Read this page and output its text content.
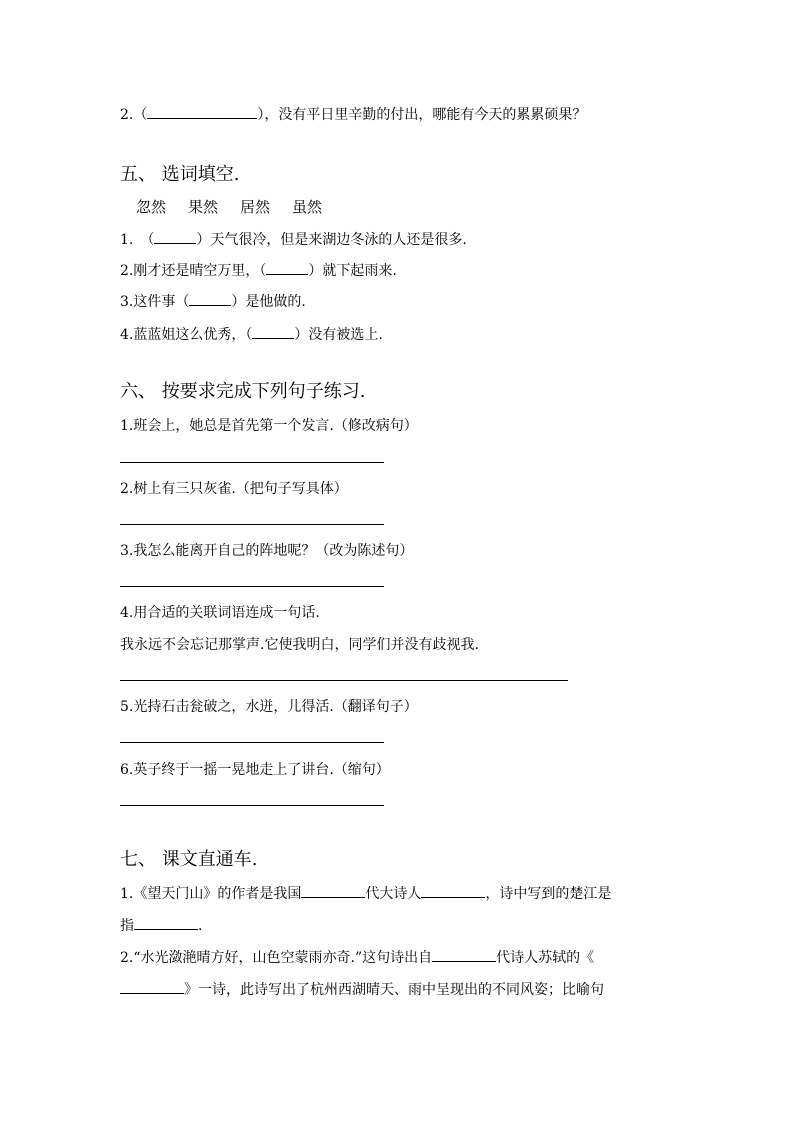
2.（	），没有平日里辛勤的付出，哪能有今天的累累硕果？
五、 选词填空.
忽然 果然 居然 虽然
1.　（	）天气很冷，但是来湖边冬泳的人还是很多.
2.刚才还是晴空万里，（	）就下起雨来.
3.这件事（	）是他做的.
4.蓝蓝姐这么优秀，（	）没有被选上.
六、 按要求完成下列句子练习.
1.班会上，她总是首先第一个发言.（修改病句）
2.树上有三只灰雀.（把句子写具体）
3.我怎么能离开自己的阵地呢？（改为陈述句）
4.用合适的关联词语连成一句话.
我永远不会忘记那掌声.它使我明白，同学们并没有歧视我.
5.光持石击瓮破之，水迸，儿得活.（翻译句子）
6.英子终于一摇一晃地走上了讲台.（缩句）
七、 课文直通车.
1.《望天门山》的作者是我国	代大诗人	，诗中写到的楚江是
指	.
2.“水光潋滟晴方好，山色空蒙雨亦奇.”这句诗出自	代诗人苏轼的《
》一诗，此诗写出了杭州西湖晴天、雨中呈现出的不同风姿；比喻句
